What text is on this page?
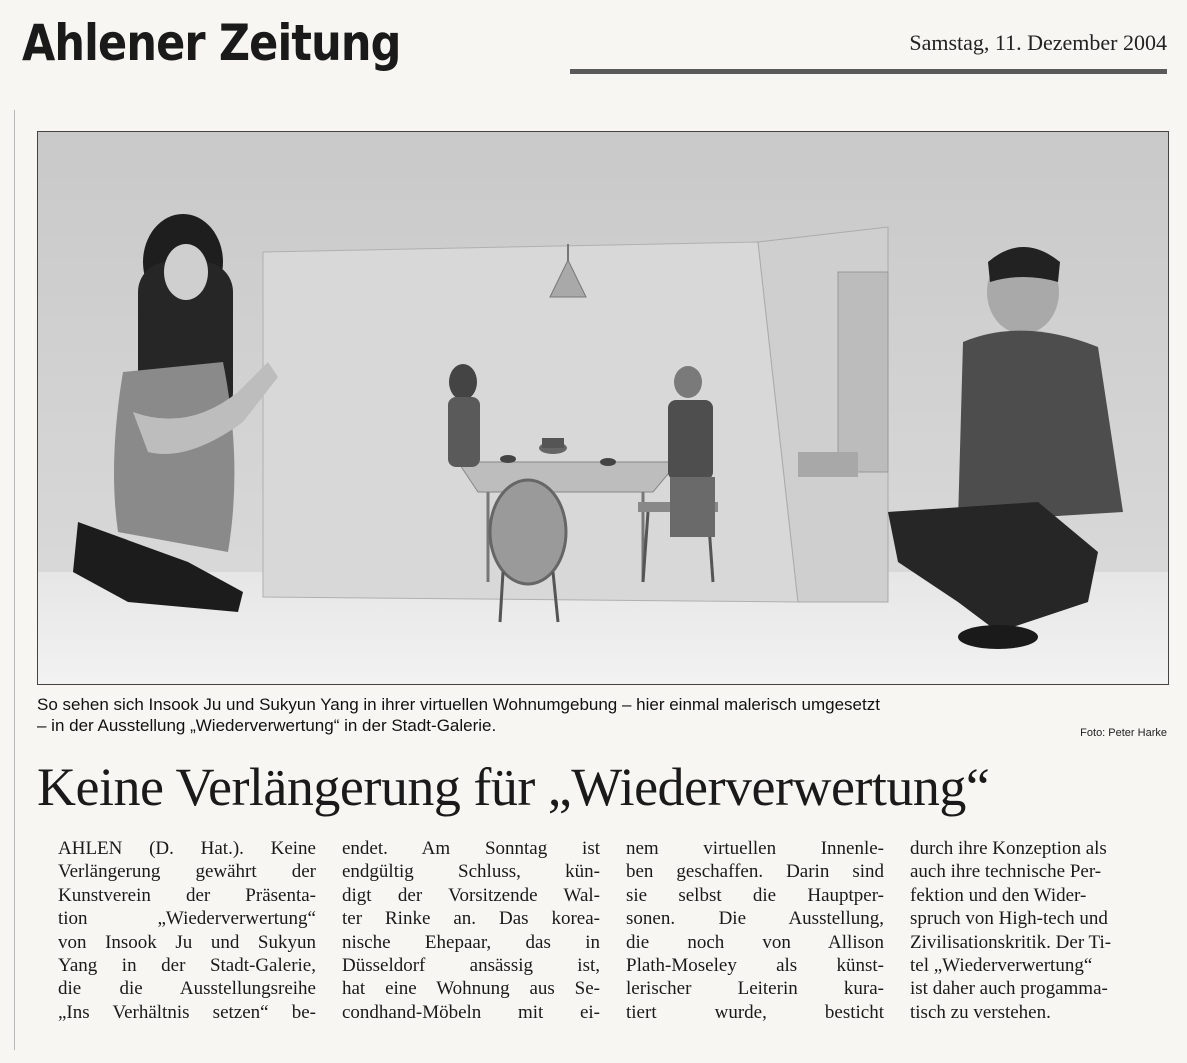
Ahlener Zeitung	Samstag, 11. Dezember 2004
So sehen sich Insook Ju und Sukyun Yang in ihrer virtuellen Wohnumgebung – hier einmal malerisch umgesetzt
– in der Ausstellung „Wiederverwertung“ in der Stadt-Galerie.	Foto: Peter Harke
Keine Verlängerung für „Wiederverwertung“
AHLEN (D. Hat.). Keine
Verlängerung gewährt der
Kunstverein der Präsenta-
tion „Wiederverwertung“
von Insook Ju und Sukyun
Yang in der Stadt-Galerie,
die die Ausstellungsreihe
„Ins Verhältnis setzen“ be-
endet. Am Sonntag ist
endgültig Schluss, kün-
digt der Vorsitzende Wal-
ter Rinke an. Das korea-
nische Ehepaar, das in
Düsseldorf ansässig ist,
hat eine Wohnung aus Se-
condhand-Möbeln mit ei-
nem virtuellen Innenle-
ben geschaffen. Darin sind
sie selbst die Hauptper-
sonen. Die Ausstellung,
die noch von Allison
Plath-Moseley als künst-
lerischer Leiterin kura-
tiert wurde, besticht
durch ihre Konzeption als
auch ihre technische Per-
fektion und den Wider-
spruch von High-tech und
Zivilisationskritik. Der Ti-
tel „Wiederverwertung“
ist daher auch progamma-
tisch zu verstehen.
